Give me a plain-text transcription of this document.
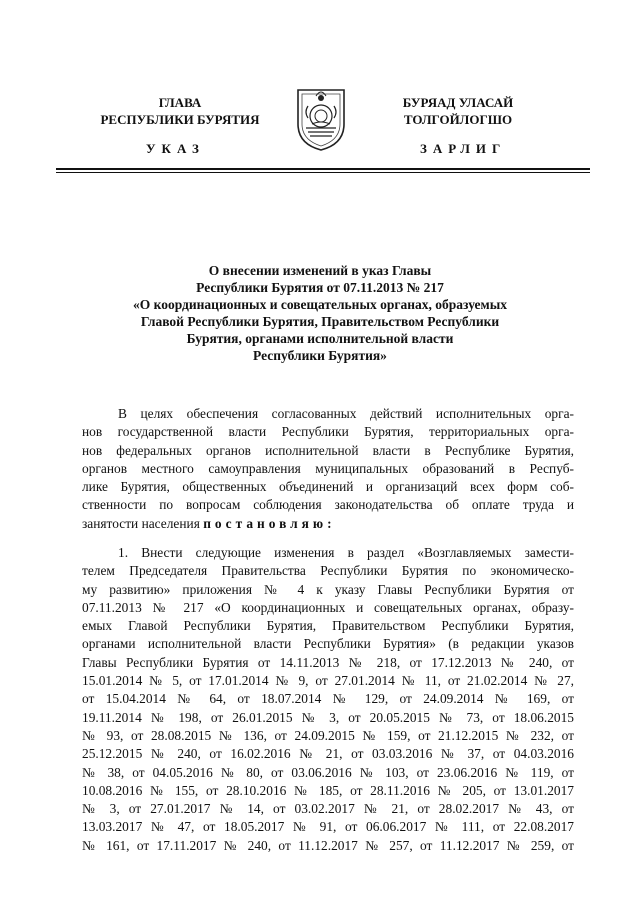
ГЛАВА
РЕСПУБЛИКИ БУРЯТИЯ
БУРЯАД УЛАСАЙ
ТОЛГОЙЛОГШО
УКАЗ	ЗАРЛИГ
О внесении изменений в указ Главы
Республики Бурятия от 07.11.2013 № 217
«О координационных и совещательных органах, образуемых
Главой Республики Бурятия, Правительством Республики
Бурятия, органами исполнительной власти
Республики Бурятия»
В целях обеспечения согласованных действий исполнительных орга-
нов государственной власти Республики Бурятия, территориальных орга-
нов федеральных органов исполнительной власти в Республике Бурятия,
органов местного самоуправления муниципальных образований в Респуб-
лике Бурятия, общественных объединений и организаций всех форм соб-
ственности по вопросам соблюдения законодательства об оплате труда и
занятости населения постановляю:
1. Внести следующие изменения в раздел «Возглавляемых замести-
телем Председателя Правительства Республики Бурятия по экономическо-
му развитию» приложения № 4 к указу Главы Республики Бурятия от
07.11.2013 № 217 «О координационных и совещательных органах, образу-
емых Главой Республики Бурятия, Правительством Республики Бурятия,
органами исполнительной власти Республики Бурятия» (в редакции указов
Главы Республики Бурятия от 14.11.2013 № 218, от 17.12.2013 № 240, от
15.01.2014 № 5, от 17.01.2014 № 9, от 27.01.2014 № 11, от 21.02.2014 № 27,
от 15.04.2014 № 64, от 18.07.2014 № 129, от 24.09.2014 № 169, от
19.11.2014 № 198, от 26.01.2015 № 3, от 20.05.2015 № 73, от 18.06.2015
№ 93, от 28.08.2015 № 136, от 24.09.2015 № 159, от 21.12.2015 № 232, от
25.12.2015 № 240, от 16.02.2016 № 21, от 03.03.2016 № 37, от 04.03.2016
№ 38, от 04.05.2016 № 80, от 03.06.2016 № 103, от 23.06.2016 № 119, от
10.08.2016 № 155, от 28.10.2016 № 185, от 28.11.2016 № 205, от 13.01.2017
№ 3, от 27.01.2017 № 14, от 03.02.2017 № 21, от 28.02.2017 № 43, от
13.03.2017 № 47, от 18.05.2017 № 91, от 06.06.2017 № 111, от 22.08.2017
№ 161, от 17.11.2017 № 240, от 11.12.2017 № 257, от 11.12.2017 № 259, от
